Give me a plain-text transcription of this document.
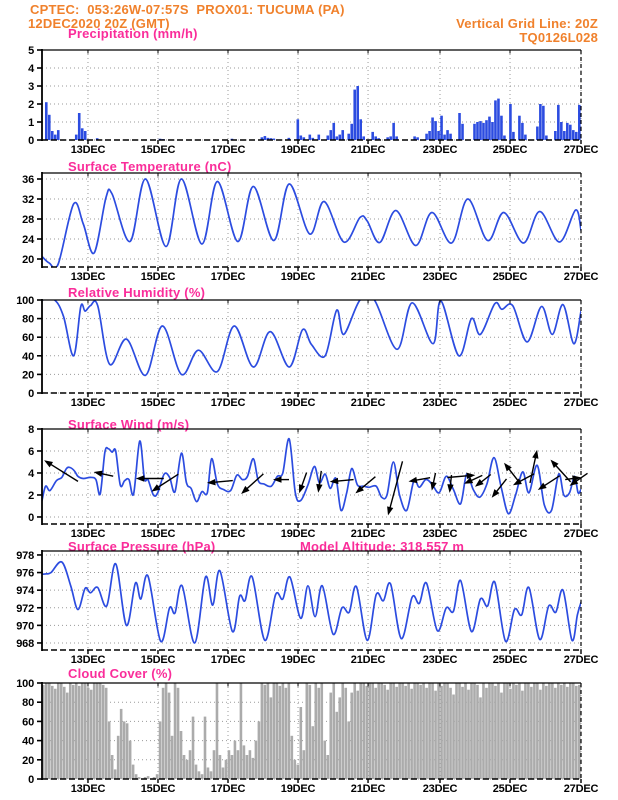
CPTEC:  053:26W-07:57S  PROX01: TUCUMA (PA)
12DEC2020 20Z (GMT)	Vertical Grid Line: 20Z
TQ0126L028
Precipitation (mm/h)
Surface Temperature (nC)
Relative Humidity (%)
Surface Wind (m/s)
Surface Pressure (hPa)	Model Altitude: 318.557 m
Cloud Cover (%)
0
1
2
3
4
5
13DEC	15DEC	17DEC	19DEC	21DEC	23DEC	25DEC	27DEC
20
24
28
32
36
13DEC	15DEC	17DEC	19DEC	21DEC	23DEC	25DEC	27DEC
0
20
40
60
80
100
13DEC	15DEC	17DEC	19DEC	21DEC	23DEC	25DEC	27DEC
0
2
4
6
8
13DEC	15DEC	17DEC	19DEC	21DEC	23DEC	25DEC	27DEC
968
970
972
974
976
978
13DEC	15DEC	17DEC	19DEC	21DEC	23DEC	25DEC	27DEC
0
20
40
60
80
100
13DEC	15DEC	17DEC	19DEC	21DEC	23DEC	25DEC	27DEC
